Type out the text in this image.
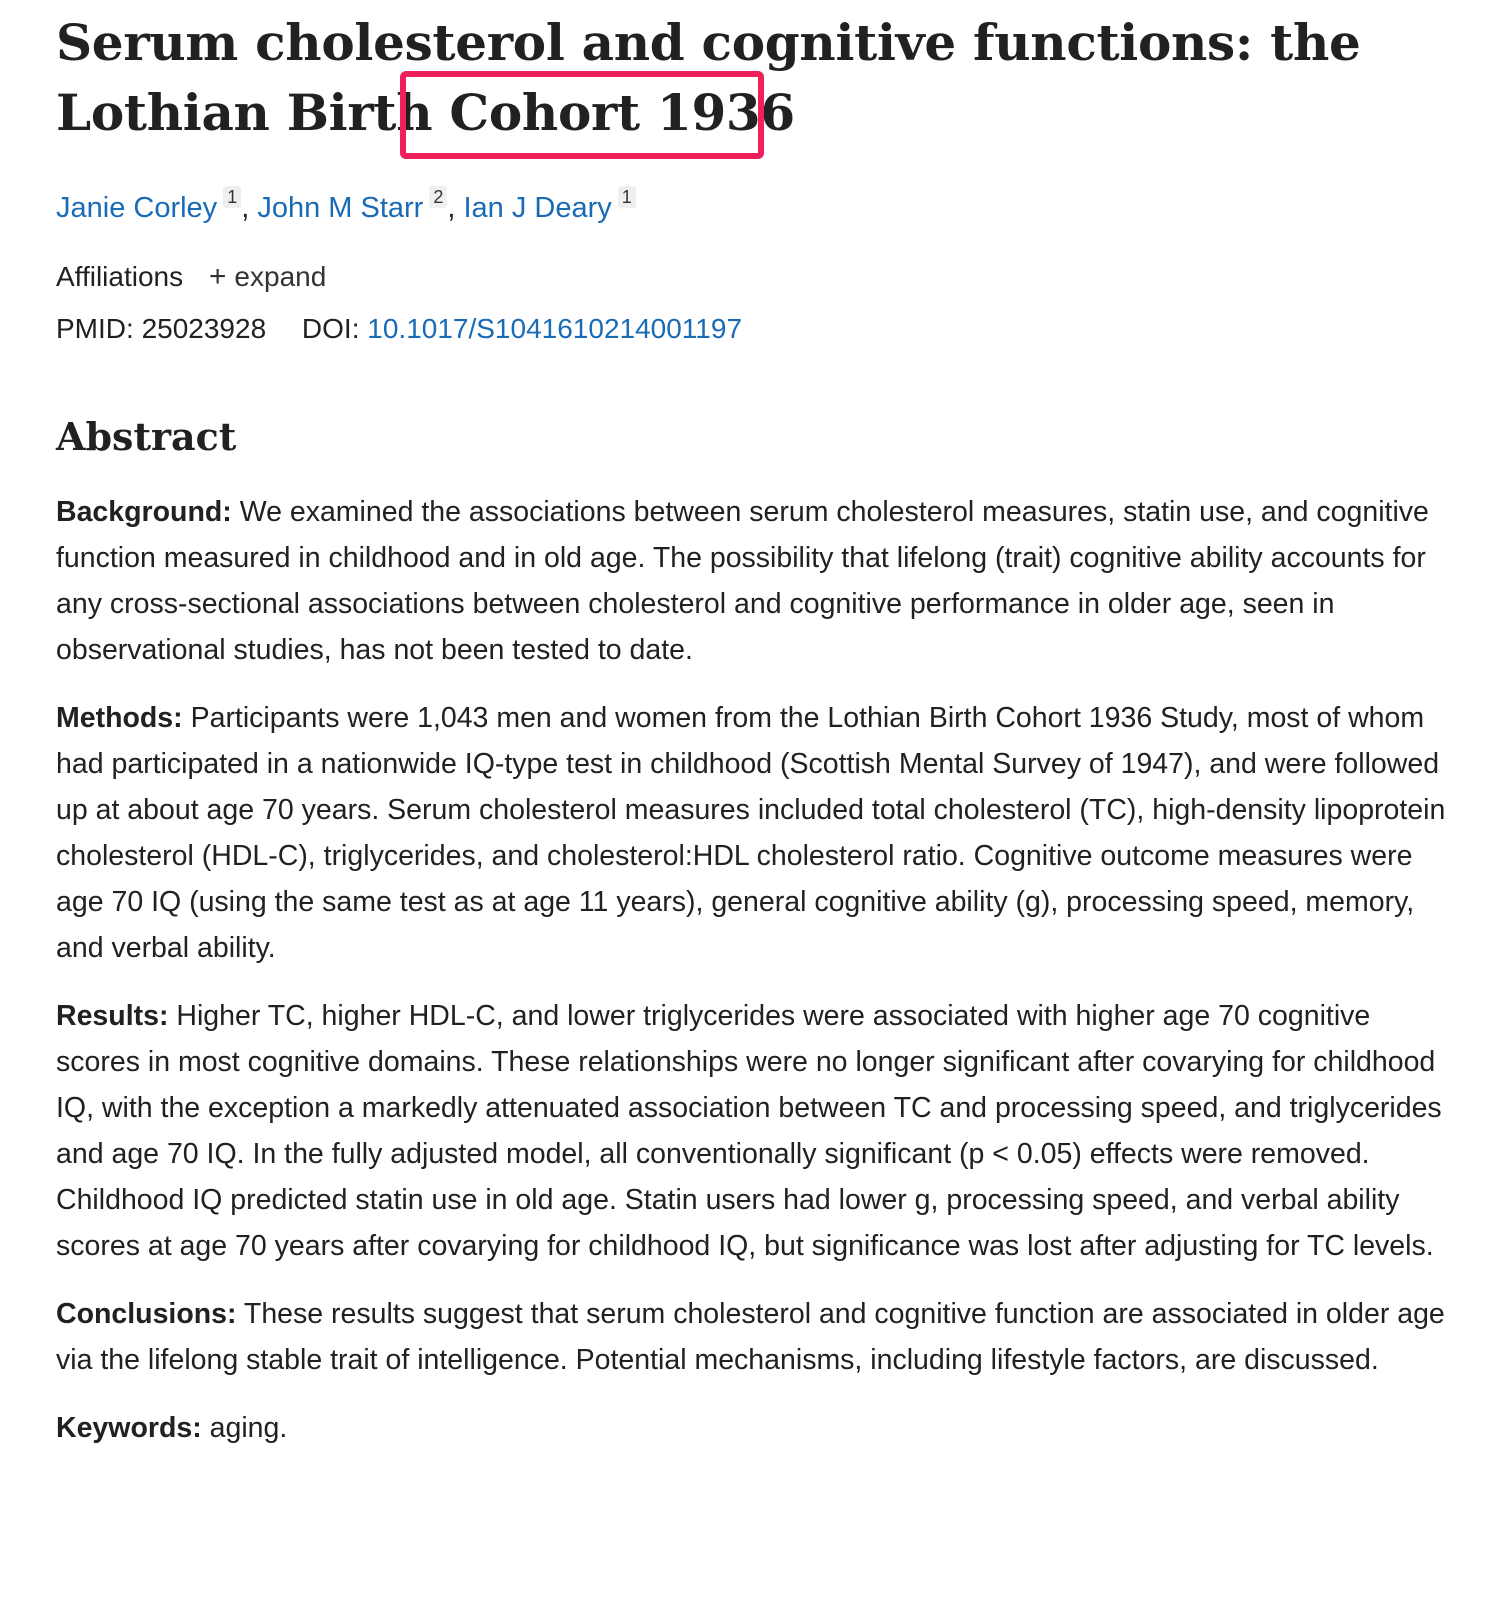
Serum cholesterol and cognitive functions: the Lothian Birth Cohort 1936
Janie Corley 1 , John M Starr 2 , Ian J Deary 1
Affiliations + expand
PMID: 25023928 DOI: 10.1017/S1041610214001197
Abstract

Background: We examined the associations between serum cholesterol measures, statin use, and cognitive function measured in childhood and in old age. The possibility that lifelong (trait) cognitive ability accounts for any cross-sectional associations between cholesterol and cognitive performance in older age, seen in observational studies, has not been tested to date.

Methods: Participants were 1,043 men and women from the Lothian Birth Cohort 1936 Study, most of whom had participated in a nationwide IQ-type test in childhood (Scottish Mental Survey of 1947), and were followed up at about age 70 years. Serum cholesterol measures included total cholesterol (TC), high-density lipoprotein cholesterol (HDL-C), triglycerides, and cholesterol:HDL cholesterol ratio. Cognitive outcome measures were age 70 IQ (using the same test as at age 11 years), general cognitive ability (g), processing speed, memory, and verbal ability.

Results: Higher TC, higher HDL-C, and lower triglycerides were associated with higher age 70 cognitive scores in most cognitive domains. These relationships were no longer significant after covarying for childhood IQ, with the exception a markedly attenuated association between TC and processing speed, and triglycerides and age 70 IQ. In the fully adjusted model, all conventionally significant (p < 0.05) effects were removed. Childhood IQ predicted statin use in old age. Statin users had lower g, processing speed, and verbal ability scores at age 70 years after covarying for childhood IQ, but significance was lost after adjusting for TC levels.

Conclusions: These results suggest that serum cholesterol and cognitive function are associated in older age via the lifelong stable trait of intelligence. Potential mechanisms, including lifestyle factors, are discussed.

Keywords: aging.
